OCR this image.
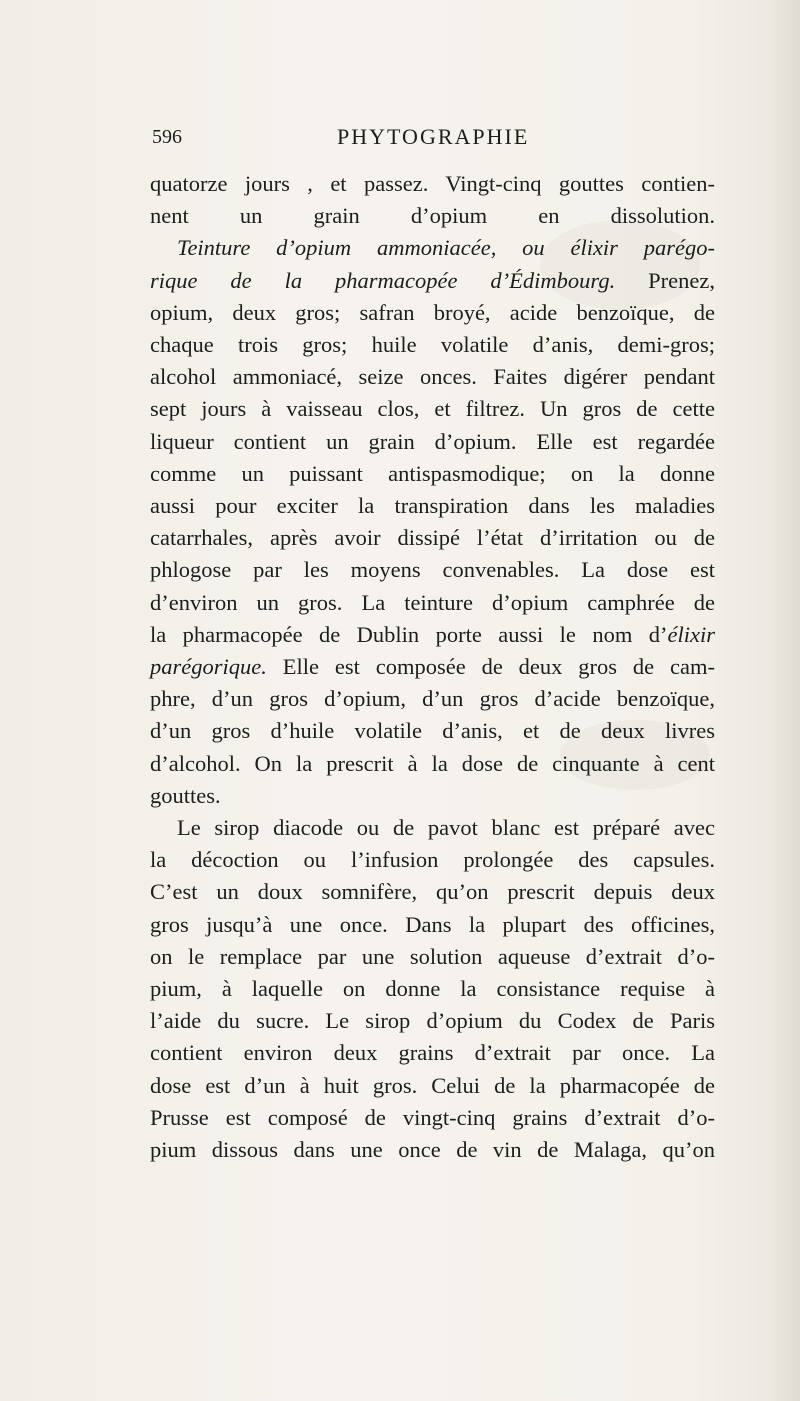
596	PHYTOGRAPHIE
quatorze jours , et passez. Vingt-cinq gouttes contien-
nent un grain d’opium en dissolution.
Teinture d’opium ammoniacée, ou élixir parégo-
rique de la pharmacopée d’Édimbourg. Prenez,
opium, deux gros; safran broyé, acide benzoïque, de
chaque trois gros; huile volatile d’anis, demi-gros;
alcohol ammoniacé, seize onces. Faites digérer pendant
sept jours à vaisseau clos, et filtrez. Un gros de cette
liqueur contient un grain d’opium. Elle est regardée
comme un puissant antispasmodique; on la donne
aussi pour exciter la transpiration dans les maladies
catarrhales, après avoir dissipé l’état d’irritation ou de
phlogose par les moyens convenables. La dose est
d’environ un gros. La teinture d’opium camphrée de
la pharmacopée de Dublin porte aussi le nom d’élixir
parégorique. Elle est composée de deux gros de cam-
phre, d’un gros d’opium, d’un gros d’acide benzoïque,
d’un gros d’huile volatile d’anis, et de deux livres
d’alcohol. On la prescrit à la dose de cinquante à cent
gouttes.
Le sirop diacode ou de pavot blanc est préparé avec
la décoction ou l’infusion prolongée des capsules.
C’est un doux somnifère, qu’on prescrit depuis deux
gros jusqu’à une once. Dans la plupart des officines,
on le remplace par une solution aqueuse d’extrait d’o-
pium, à laquelle on donne la consistance requise à
l’aide du sucre. Le sirop d’opium du Codex de Paris
contient environ deux grains d’extrait par once. La
dose est d’un à huit gros. Celui de la pharmacopée de
Prusse est composé de vingt-cinq grains d’extrait d’o-
pium dissous dans une once de vin de Malaga, qu’on
